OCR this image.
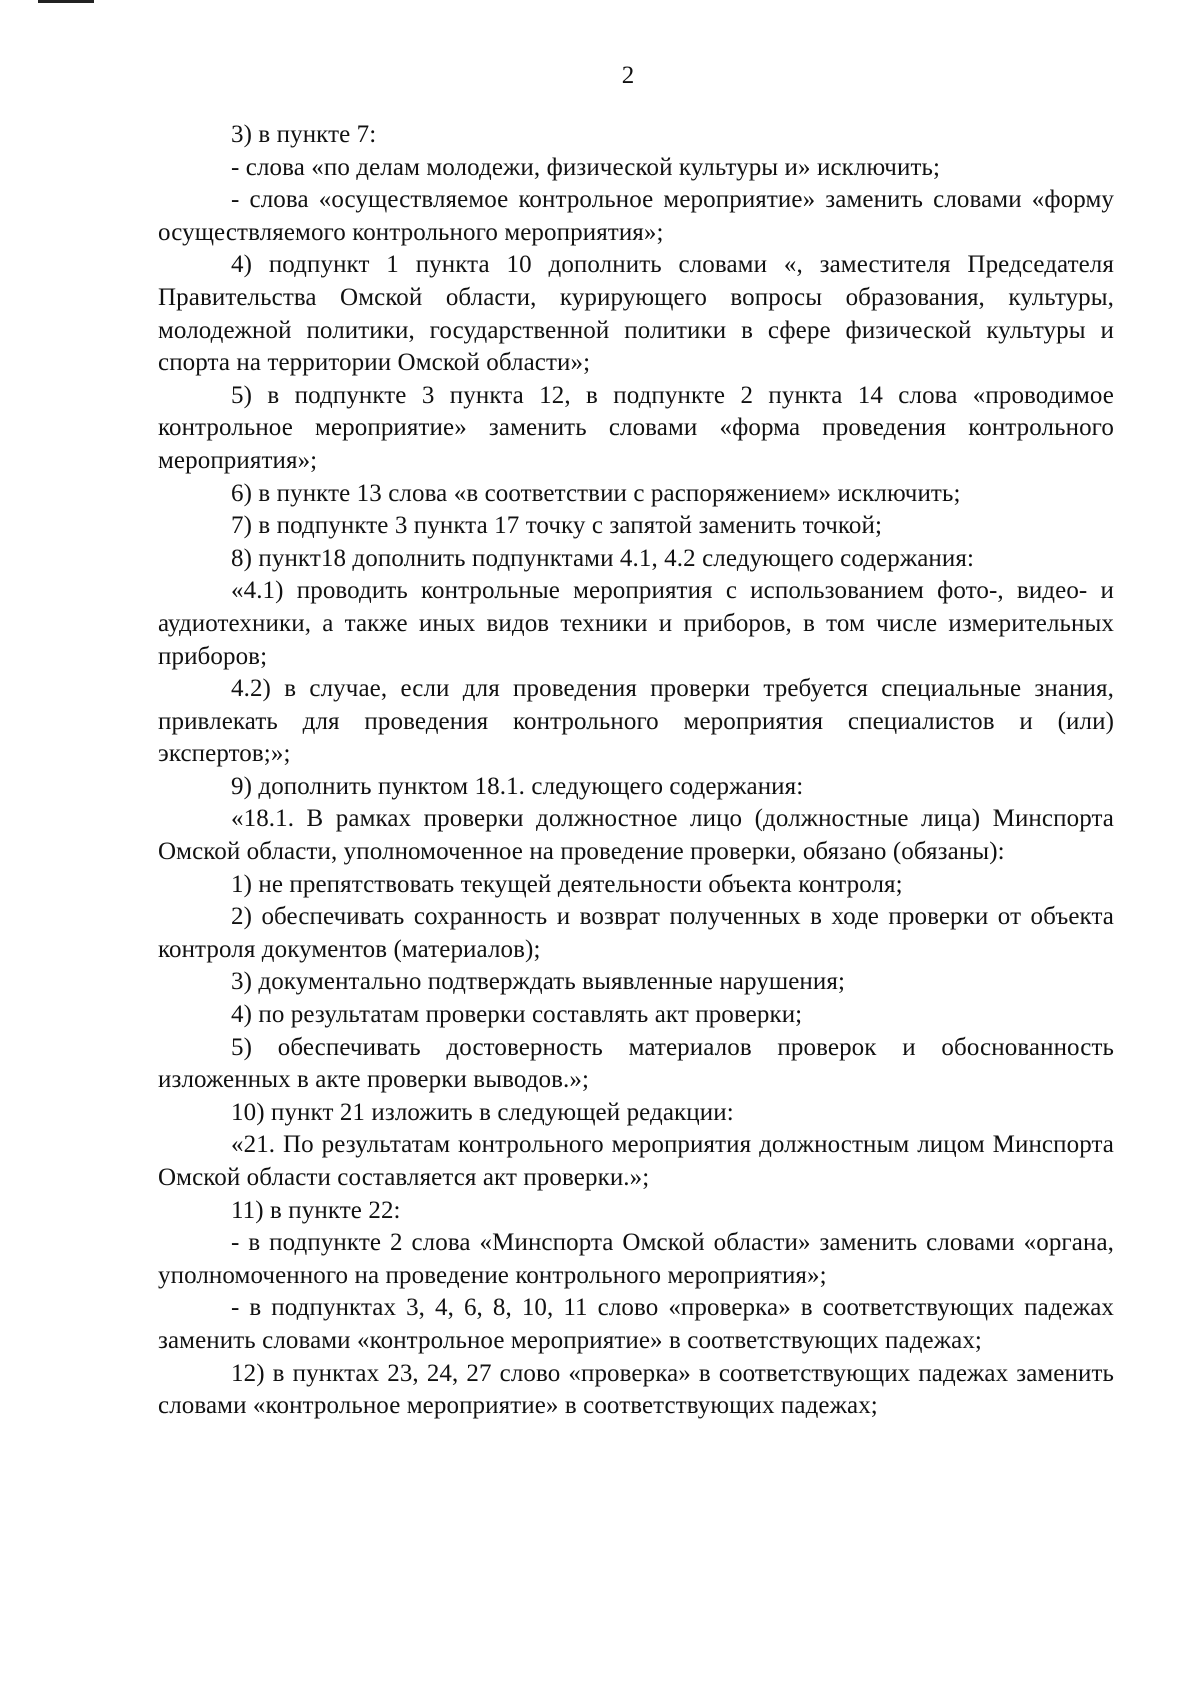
2

3) в пункте 7:

- слова «по делам молодежи, физической культуры и» исключить;

- слова «осуществляемое контрольное мероприятие» заменить словами «форму осуществляемого контрольного мероприятия»;

4) подпункт 1 пункта 10 дополнить словами «, заместителя Председателя Правительства Омской области, курирующего вопросы образования, культуры, молодежной политики, государственной политики в сфере физической культуры и спорта на территории Омской области»;

5) в подпункте 3 пункта 12, в подпункте 2 пункта 14 слова «проводимое контрольное мероприятие» заменить словами «форма проведения контрольного мероприятия»;

6) в пункте 13 слова «в соответствии с распоряжением» исключить;

7) в подпункте 3 пункта 17 точку с запятой заменить точкой;

8) пункт18 дополнить подпунктами 4.1, 4.2 следующего содержания:

«4.1) проводить контрольные мероприятия с использованием фото-, видео- и аудиотехники, а также иных видов техники и приборов, в том числе измерительных приборов;

4.2) в случае, если для проведения проверки требуется специальные знания, привлекать для проведения контрольного мероприятия специалистов и (или) экспертов;»;

9) дополнить пунктом 18.1. следующего содержания:

«18.1. В рамках проверки должностное лицо (должностные лица) Минспорта Омской области, уполномоченное на проведение проверки, обязано (обязаны):

1) не препятствовать текущей деятельности объекта контроля;

2) обеспечивать сохранность и возврат полученных в ходе проверки от объекта контроля документов (материалов);

3) документально подтверждать выявленные нарушения;

4) по результатам проверки составлять акт проверки;

5) обеспечивать достоверность материалов проверок и обоснованность изложенных в акте проверки выводов.»;

10) пункт 21 изложить в следующей редакции:

«21. По результатам контрольного мероприятия должностным лицом Минспорта Омской области составляется акт проверки.»;

11) в пункте 22:

- в подпункте 2 слова «Минспорта Омской области» заменить словами «органа, уполномоченного на проведение контрольного мероприятия»;

- в подпунктах 3, 4, 6, 8, 10, 11 слово «проверка» в соответствующих падежах заменить словами «контрольное мероприятие» в соответствующих падежах;

12) в пунктах 23, 24, 27 слово «проверка» в соответствующих падежах заменить словами «контрольное мероприятие» в соответствующих падежах;
